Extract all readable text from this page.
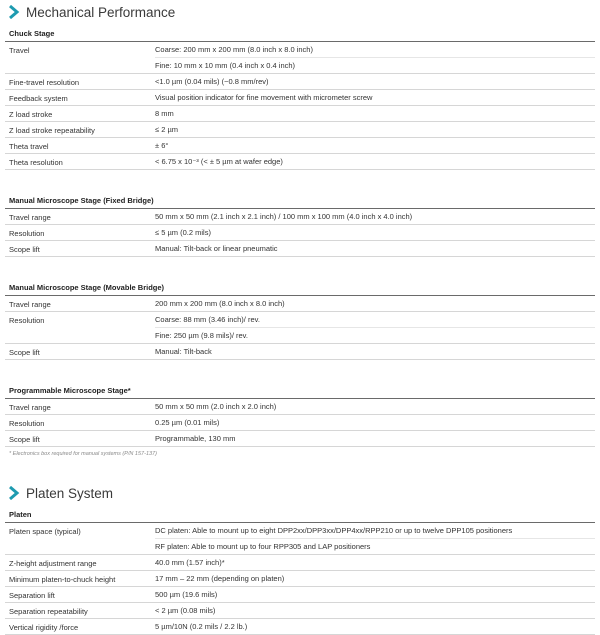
Mechanical Performance
Chuck Stage
Travel	Coarse: 200 mm x 200 mm (8.0 inch x 8.0 inch)
Fine: 10 mm x 10 mm (0.4 inch x 0.4 inch)
Fine-travel resolution	<1.0 µm (0.04 mils) (~0.8 mm/rev)
Feedback system	Visual position indicator for fine movement with micrometer screw
Z load stroke	8 mm
Z load stroke repeatability	≤ 2 µm
Theta travel	± 6°
Theta resolution	< 6.75 x 10⁻³ (< ± 5 µm at wafer edge)
Manual Microscope Stage (Fixed Bridge)
Travel range	50 mm x 50 mm (2.1 inch x 2.1 inch) / 100 mm x 100 mm (4.0 inch x 4.0 inch)
Resolution	≤ 5 µm (0.2 mils)
Scope lift	Manual: Tilt-back or linear pneumatic
Manual Microscope Stage (Movable Bridge)
Travel range	200 mm x 200 mm (8.0 inch x 8.0 inch)
Resolution	Coarse: 88 mm (3.46 inch)/ rev.
Fine: 250 µm (9.8 mils)/ rev.
Scope lift	Manual: Tilt-back
Programmable Microscope Stage*
Travel range	50 mm x 50 mm (2.0 inch x 2.0 inch)
Resolution	0.25 µm (0.01 mils)
Scope lift	Programmable, 130 mm
* Electronics box required for manual systems (P/N 157-137)
Platen System
Platen
Platen space (typical)	DC platen: Able to mount up to eight DPP2xx/DPP3xx/DPP4xx/RPP210 or up to twelve DPP105 positioners
RF platen: Able to mount up to four RPP305 and LAP positioners
Z-height adjustment range	40.0 mm (1.57 inch)*
Minimum platen-to-chuck height	17 mm – 22 mm (depending on platen)
Separation lift	500 µm (19.6 mils)
Separation repeatability	< 2 µm (0.08 mils)
Vertical rigidity /force	5 µm/10N (0.2 mils / 2.2 lb.)
